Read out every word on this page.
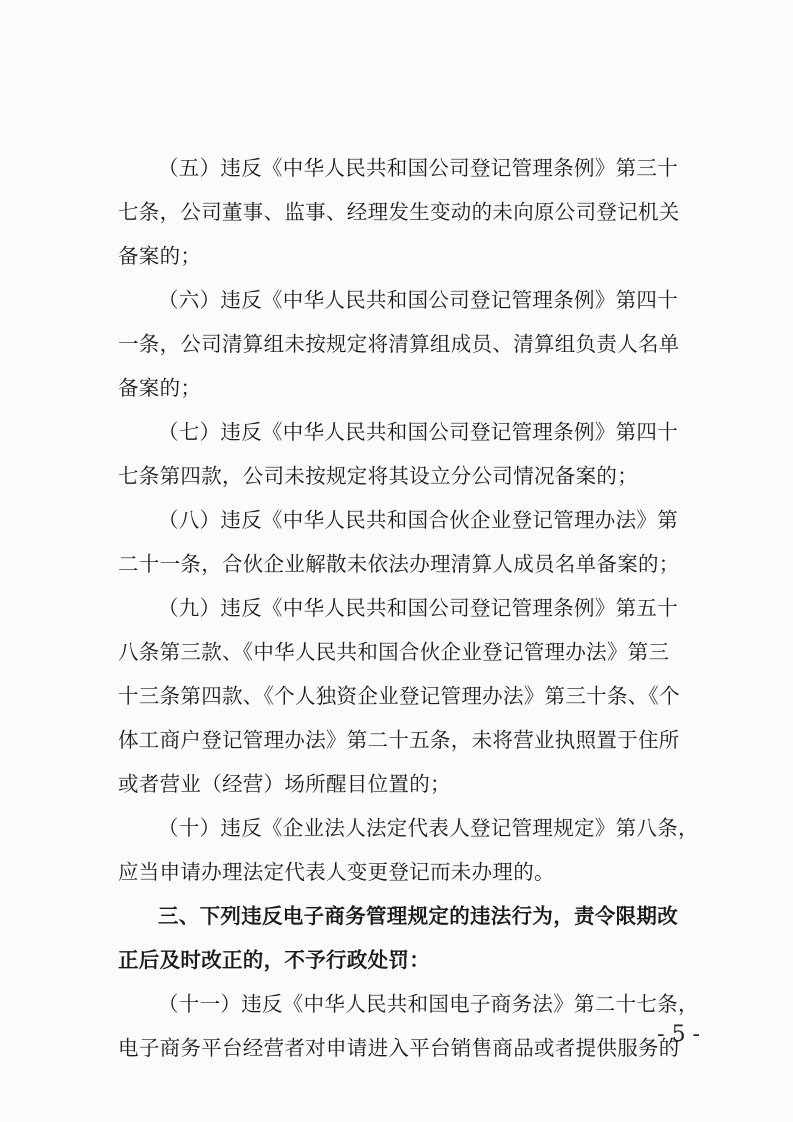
（五）违反《中华人民共和国公司登记管理条例》第三十
七条，公司董事、监事、经理发生变动的未向原公司登记机关
备案的；
（六）违反《中华人民共和国公司登记管理条例》第四十
一条，公司清算组未按规定将清算组成员、清算组负责人名单
备案的；
（七）违反《中华人民共和国公司登记管理条例》第四十
七条第四款，公司未按规定将其设立分公司情况备案的；
（八）违反《中华人民共和国合伙企业登记管理办法》第
二十一条，合伙企业解散未依法办理清算人成员名单备案的；
（九）违反《中华人民共和国公司登记管理条例》第五十
八条第三款、《中华人民共和国合伙企业登记管理办法》第三
十三条第四款、《个人独资企业登记管理办法》第三十条、《个
体工商户登记管理办法》第二十五条，未将营业执照置于住所
或者营业（经营）场所醒目位置的；
（十）违反《企业法人法定代表人登记管理规定》第八条，
应当申请办理法定代表人变更登记而未办理的。
三、下列违反电子商务管理规定的违法行为，责令限期改
正后及时改正的，不予行政处罚：
（十一）违反《中华人民共和国电子商务法》第二十七条，
电子商务平台经营者对申请进入平台销售商品或者提供服务的
- 5 -
